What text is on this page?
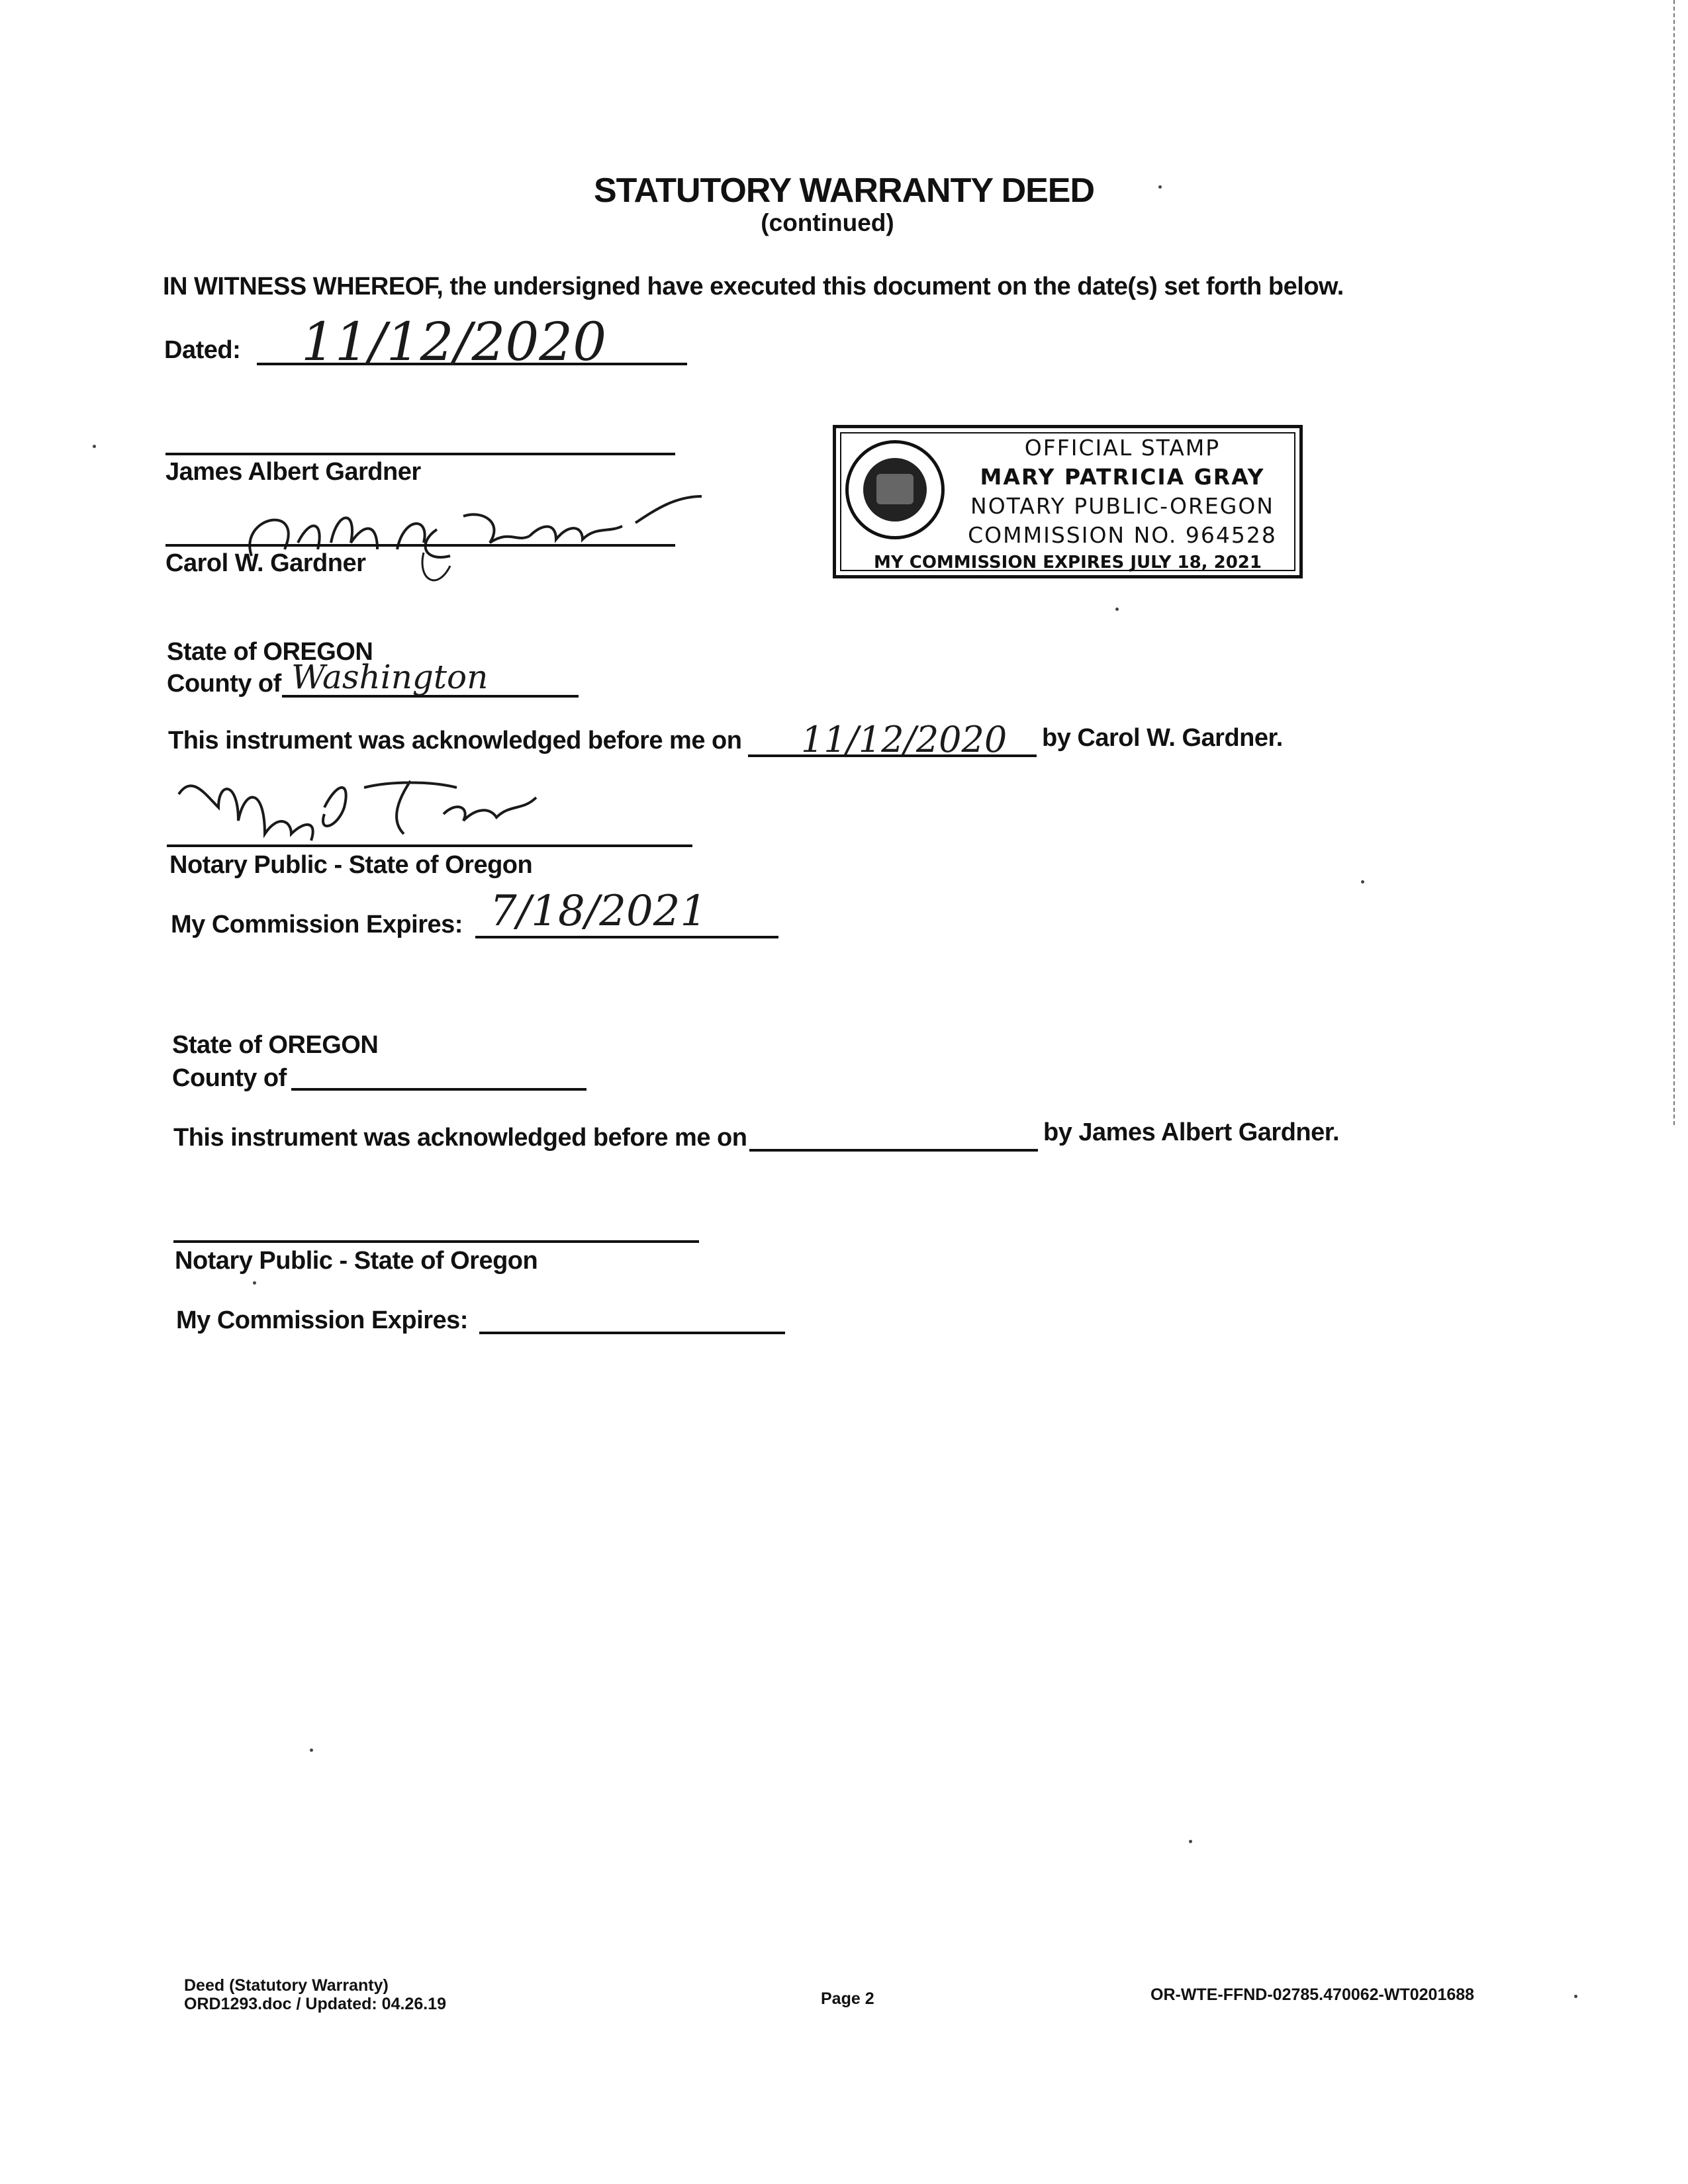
STATUTORY WARRANTY DEED
(continued)
IN WITNESS WHEREOF, the undersigned have executed this document on the date(s) set forth below.
Dated: 11/12/2020
James Albert Gardner
Carol W. Gardner
OFFICIAL STAMP
MARY PATRICIA GRAY
NOTARY PUBLIC-OREGON
COMMISSION NO. 964528
MY COMMISSION EXPIRES JULY 18, 2021
State of OREGON
County of Washington
This instrument was acknowledged before me on 11/12/2020 by Carol W. Gardner.
Notary Public - State of Oregon
My Commission Expires: 7/18/2021
State of OREGON
County of
This instrument was acknowledged before me on	by James Albert Gardner.
Notary Public - State of Oregon
My Commission Expires:
Deed (Statutory Warranty)
ORD1293.doc / Updated: 04.26.19	Page 2	OR-WTE-FFND-02785.470062-WT0201688
